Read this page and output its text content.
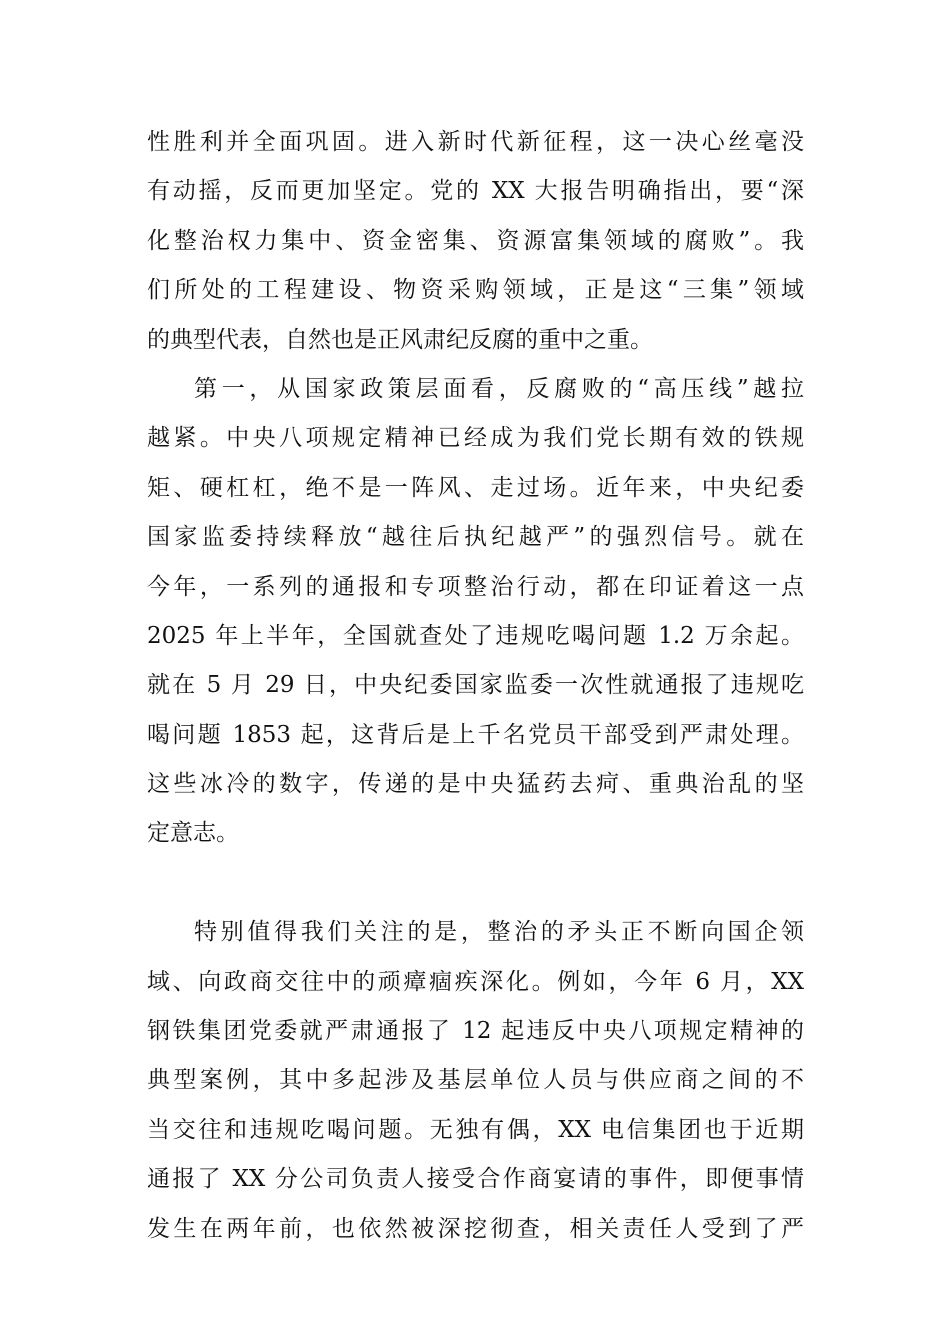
性胜利并全面巩固。进入新时代新征程，这一决心丝毫没
有动摇，反而更加坚定。党的 XX 大报告明确指出，要“深
化整治权力集中、资金密集、资源富集领域的腐败”。我
们所处的工程建设、物资采购领域，正是这“三集”领域
的典型代表，自然也是正风肃纪反腐的重中之重。
第一，从国家政策层面看，反腐败的“高压线”越拉
越紧。中央八项规定精神已经成为我们党长期有效的铁规
矩、硬杠杠，绝不是一阵风、走过场。近年来，中央纪委
国家监委持续释放“越往后执纪越严”的强烈信号。就在
今年，一系列的通报和专项整治行动，都在印证着这一点
2025 年上半年，全国就查处了违规吃喝问题 1.2 万余起。
就在 5 月 29 日，中央纪委国家监委一次性就通报了违规吃
喝问题 1853 起，这背后是上千名党员干部受到严肃处理。
这些冰冷的数字，传递的是中央猛药去疴、重典治乱的坚
定意志。
特别值得我们关注的是，整治的矛头正不断向国企领
域、向政商交往中的顽瘴痼疾深化。例如，今年 6 月，XX
钢铁集团党委就严肃通报了 12 起违反中央八项规定精神的
典型案例，其中多起涉及基层单位人员与供应商之间的不
当交往和违规吃喝问题。无独有偶，XX 电信集团也于近期
通报了 XX 分公司负责人接受合作商宴请的事件，即便事情
发生在两年前，也依然被深挖彻查，相关责任人受到了严
